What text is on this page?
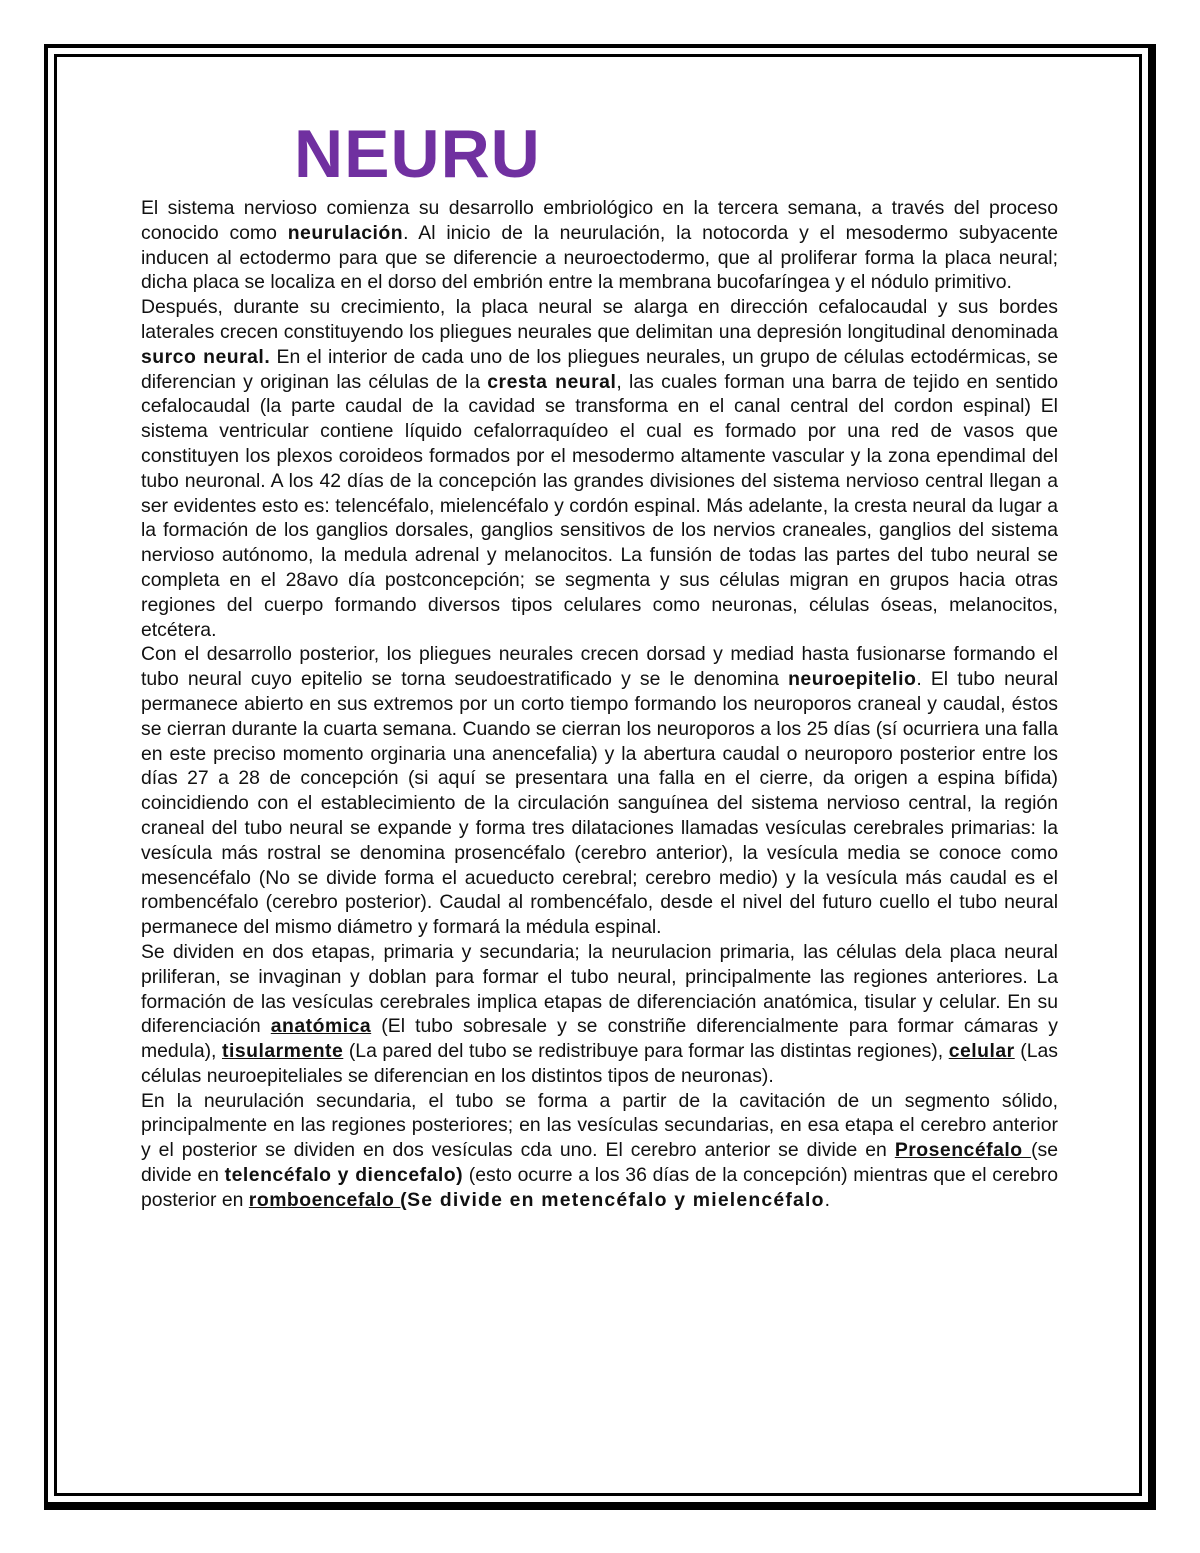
NEURU

El sistema nervioso comienza su desarrollo embriológico en la tercera semana, a través del proceso conocido como neurulación. Al inicio de la neurulación, la notocorda y el mesodermo subyacente inducen al ectodermo para que se diferencie a neuroectodermo, que al proliferar forma la placa neural; dicha placa se localiza en el dorso del embrión entre la membrana bucofaríngea y el nódulo primitivo.

Después, durante su crecimiento, la placa neural se alarga en dirección cefalocaudal y sus bordes laterales crecen constituyendo los pliegues neurales que delimitan una depresión longitudinal denominada surco neural. En el interior de cada uno de los pliegues neurales, un grupo de células ectodérmicas, se diferencian y originan las células de la cresta neural, las cuales forman una barra de tejido en sentido cefalocaudal (la parte caudal de la cavidad se transforma en el canal central del cordon espinal) El sistema ventricular contiene líquido cefalorraquídeo el cual es formado por una red de vasos que constituyen los plexos coroideos formados por el mesodermo altamente vascular y la zona ependimal del tubo neuronal. A los 42 días de la concepción las grandes divisiones del sistema nervioso central llegan a ser evidentes esto es: telencéfalo, mielencéfalo y cordón espinal. Más adelante, la cresta neural da lugar a la formación de los ganglios dorsales, ganglios sensitivos de los nervios craneales, ganglios del sistema nervioso autónomo, la medula adrenal y melanocitos. La funsión de todas las partes del tubo neural se completa en el 28avo día postconcepción; se segmenta y sus células migran en grupos hacia otras regiones del cuerpo formando diversos tipos celulares como neuronas, células óseas, melanocitos, etcétera.

Con el desarrollo posterior, los pliegues neurales crecen dorsad y mediad hasta fusionarse formando el tubo neural cuyo epitelio se torna seudoestratificado y se le denomina neuroepitelio. El tubo neural permanece abierto en sus extremos por un corto tiempo formando los neuroporos craneal y caudal, éstos se cierran durante la cuarta semana. Cuando se cierran los neuroporos a los 25 días (sí ocurriera una falla en este preciso momento orginaria una anencefalia) y la abertura caudal o neuroporo posterior entre los días 27 a 28 de concepción (si aquí se presentara una falla en el cierre, da origen a espina bífida) coincidiendo con el establecimiento de la circulación sanguínea del sistema nervioso central, la región craneal del tubo neural se expande y forma tres dilataciones llamadas vesículas cerebrales primarias: la vesícula más rostral se denomina prosencéfalo (cerebro anterior), la vesícula media se conoce como mesencéfalo (No se divide forma el acueducto cerebral; cerebro medio) y la vesícula más caudal es el rombencéfalo (cerebro posterior). Caudal al rombencéfalo, desde el nivel del futuro cuello el tubo neural permanece del mismo diámetro y formará la médula espinal.

Se dividen en dos etapas, primaria y secundaria; la neurulacion primaria, las células dela placa neural priliferan, se invaginan y doblan para formar el tubo neural, principalmente las regiones anteriores. La formación de las vesículas cerebrales implica etapas de diferenciación anatómica, tisular y celular. En su diferenciación anatómica (El tubo sobresale y se constriñe diferencialmente para formar cámaras y medula), tisularmente (La pared del tubo se redistribuye para formar las distintas regiones), celular (Las células neuroepiteliales se diferencian en los distintos tipos de neuronas).

En la neurulación secundaria, el tubo se forma a partir de la cavitación de un segmento sólido, principalmente en las regiones posteriores; en las vesículas secundarias, en esa etapa el cerebro anterior y el posterior se dividen en dos vesículas cda uno. El cerebro anterior se divide en Prosencéfalo (se divide en telencéfalo y diencefalo) (esto ocurre a los 36 días de la concepción) mientras que el cerebro posterior en romboencefalo (Se divide en metencéfalo y mielencéfalo.
